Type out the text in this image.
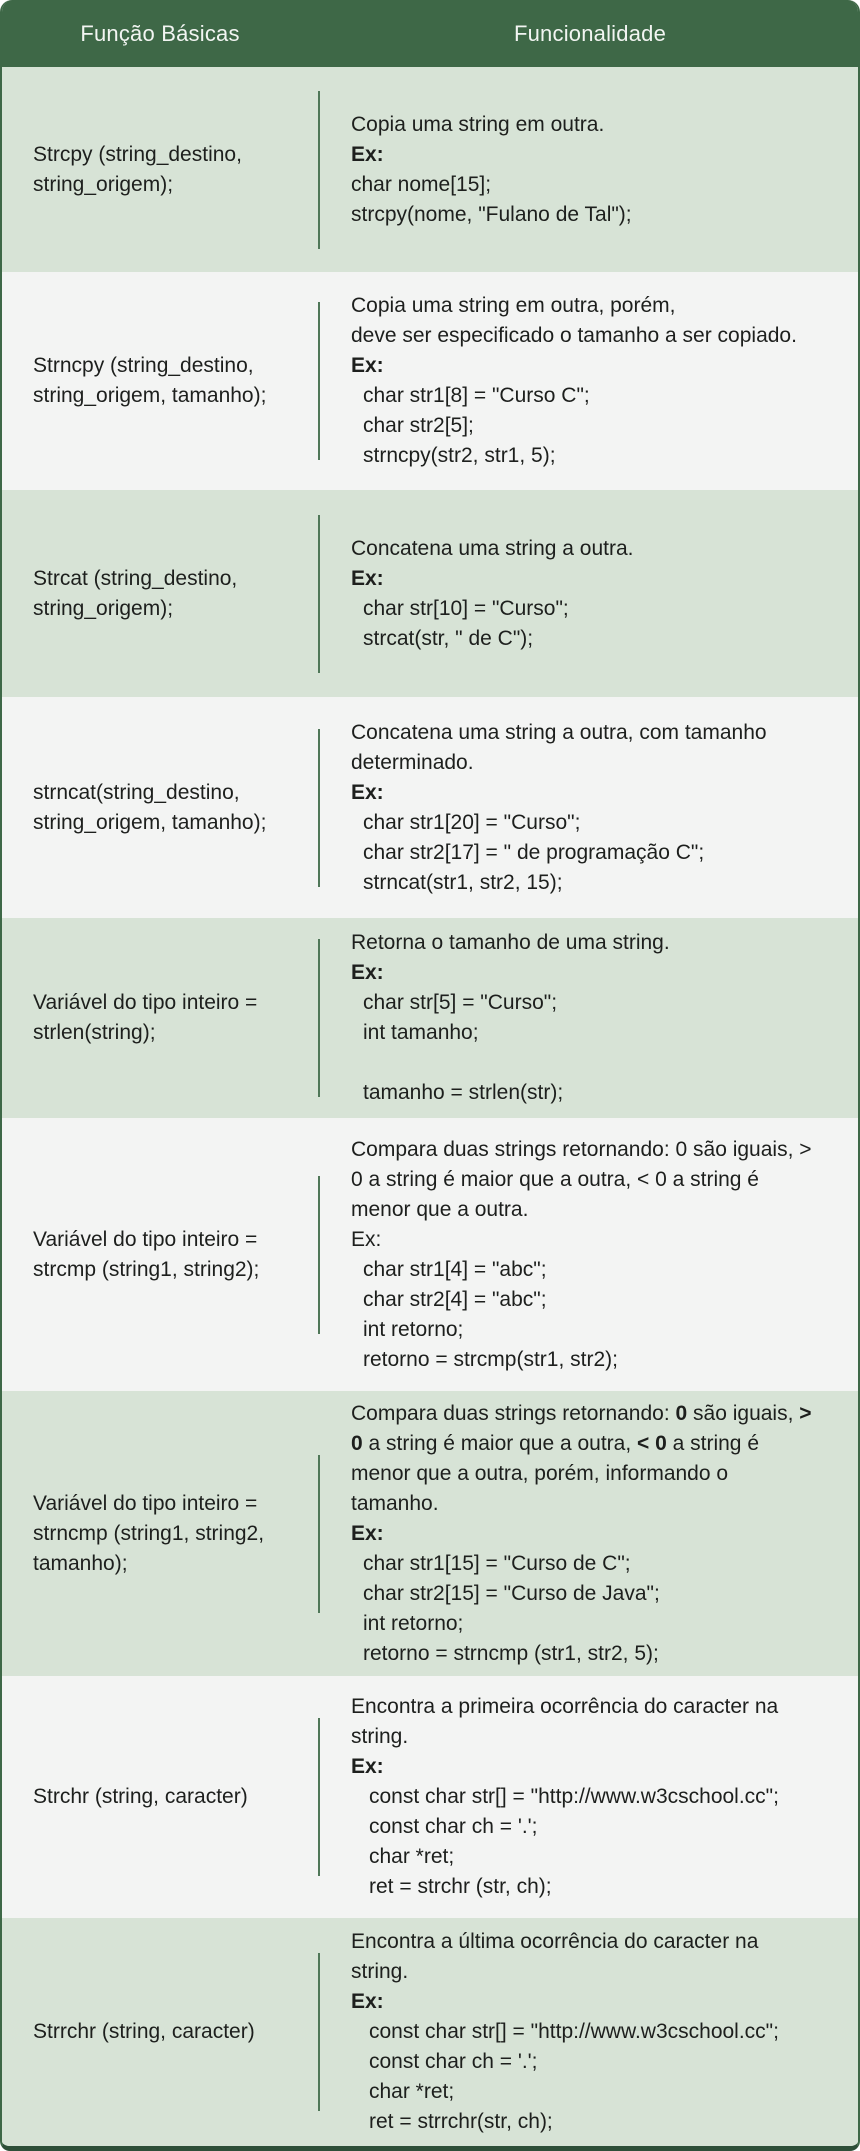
Função Básicas	Funcionalidade
Strcpy (string_destino,
string_origem);
Copia uma string em outra.
Ex:
char nome[15];
strcpy(nome, "Fulano de Tal");
Strncpy (string_destino,
string_origem, tamanho);
Copia uma string em outra, porém,
deve ser especificado o tamanho a ser copiado.
Ex:
char str1[8] = "Curso C";
char str2[5];
strncpy(str2, str1, 5);
Strcat (string_destino,
string_origem);
Concatena uma string a outra.
Ex:
char str[10] = "Curso";
strcat(str, " de C");
strncat(string_destino,
string_origem, tamanho);
Concatena uma string a outra, com tamanho
determinado.
Ex:
char str1[20] = "Curso";
char str2[17] = " de programação C";
strncat(str1, str2, 15);
Variável do tipo inteiro =
strlen(string);
Retorna o tamanho de uma string.
Ex:
char str[5] = "Curso";
int tamanho;

tamanho = strlen(str);
Variável do tipo inteiro =
strcmp (string1, string2);
Compara duas strings retornando: 0 são iguais, >
0 a string é maior que a outra, < 0 a string é
menor que a outra.
Ex:
char str1[4] = "abc";
char str2[4] = "abc";
int retorno;
retorno = strcmp(str1, str2);
Variável do tipo inteiro =
strncmp (string1, string2,
tamanho);
Compara duas strings retornando: 0 são iguais, >
0 a string é maior que a outra, < 0 a string é
menor que a outra, porém, informando o
tamanho.
Ex:
char str1[15] = "Curso de C";
char str2[15] = "Curso de Java";
int retorno;
retorno = strncmp (str1, str2, 5);
Strchr (string, caracter)
Encontra a primeira ocorrência do caracter na
string.
Ex:
const char str[] = "http://www.w3cschool.cc";
const char ch = '.';
char *ret;
ret = strchr (str, ch);
Strrchr (string, caracter)
Encontra a última ocorrência do caracter na
string.
Ex:
const char str[] = "http://www.w3cschool.cc";
const char ch = '.';
char *ret;
ret = strrchr(str, ch);
